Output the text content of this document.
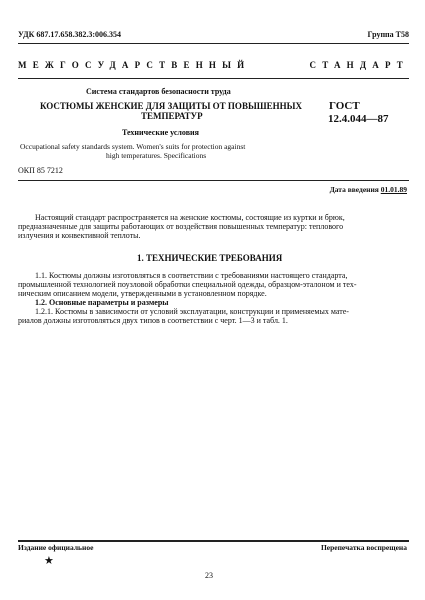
УДК 687.17.658.382.3:006.354	Группа Т58
МЕЖГОСУДАРСТВЕННЫЙ СТАНДАРТ
Система стандартов безопасности труда
КОСТЮМЫ ЖЕНСКИЕ ДЛЯ ЗАЩИТЫ ОТ ПОВЫШЕННЫХ
ТЕМПЕРАТУР
Технические условия
Occupational safety standards system. Women's suits for protection against
high temperatures. Specifications
ОКП 85 7212
ГОСТ
12.4.044—87
Дата введения 01.01.89
Настоящий стандарт распространяется на женские костюмы, состоящие из куртки и брюк,
предназначенные для защиты работающих от воздействия повышенных температур: теплового
излучения и конвективной теплоты.
1. ТЕХНИЧЕСКИЕ ТРЕБОВАНИЯ
1.1. Костюмы должны изготовляться в соответствии с требованиями настоящего стандарта,
промышленной технологией поузловой обработки специальной одежды, образцом-эталоном и тех-
ническим описанием модели, утвержденными в установленном порядке.
1.2. Основные параметры и размеры
1.2.1. Костюмы в зависимости от условий эксплуатации, конструкции и применяемых мате-
риалов должны изготовляться двух типов в соответствии с черт. 1—3 и табл. 1.
Издание официальное	Перепечатка воспрещена
★
23
